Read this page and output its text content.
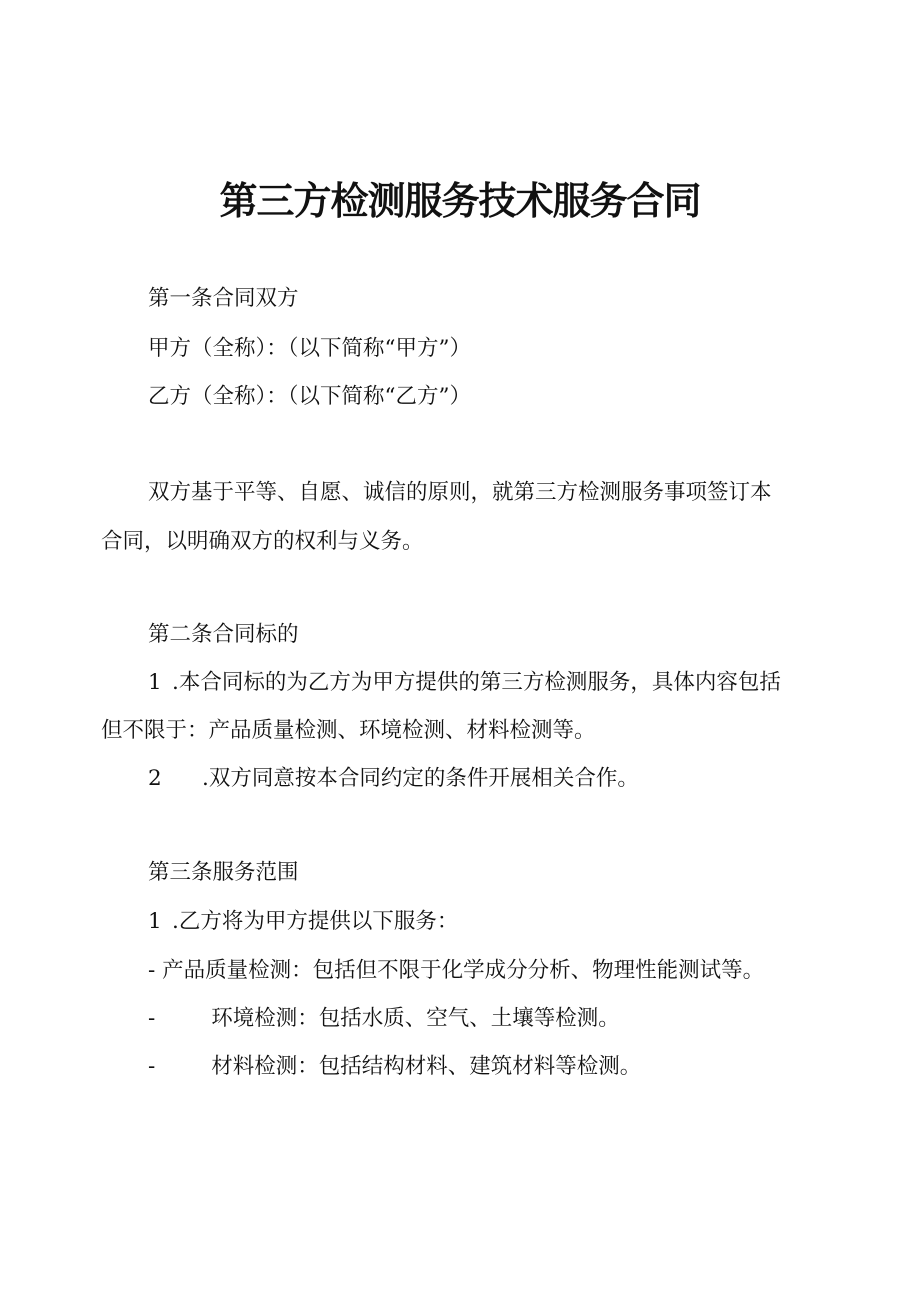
第三方检测服务技术服务合同
第一条合同双方
甲方（全称）：（以下简称“甲方”）
乙方（全称）：（以下简称“乙方”）
双方基于平等、自愿、诚信的原则，就第三方检测服务事项签订本
合同，以明确双方的权利与义务。
第二条合同标的
1 .本合同标的为乙方为甲方提供的第三方检测服务，具体内容包括
但不限于：产品质量检测、环境检测、材料检测等。
2 .双方同意按本合同约定的条件开展相关合作。
第三条服务范围
1 .乙方将为甲方提供以下服务：
- 产品质量检测：包括但不限于化学成分分析、物理性能测试等。
-	环境检测：包括水质、空气、土壤等检测。
-	材料检测：包括结构材料、建筑材料等检测。
